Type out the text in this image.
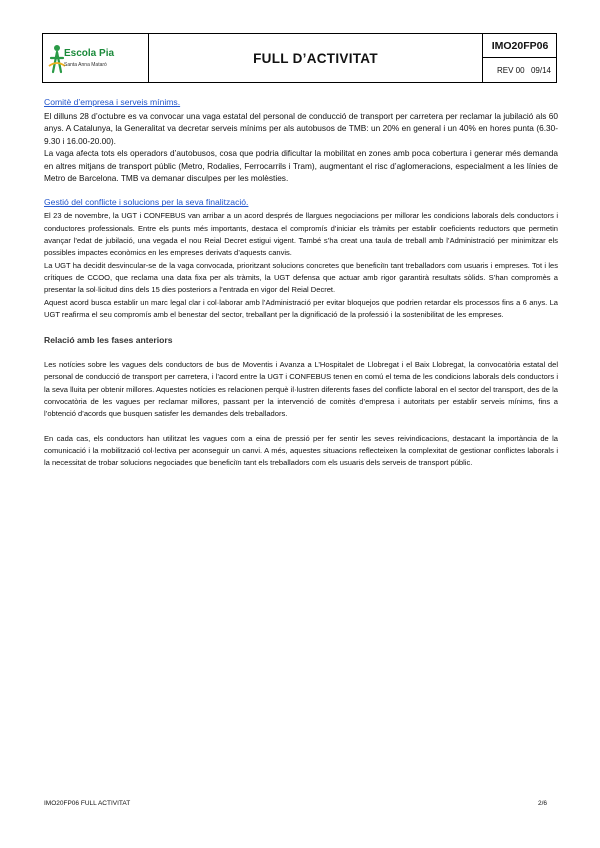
Escola Pia
Santa Anna Mataró	FULL D’ACTIVITAT
IMO20FP06
REV 00 09/14
Comitè d’empresa i serveis mínims.

El dilluns 28 d’octubre es va convocar una vaga estatal del personal de conducció de transport per carretera per reclamar la jubilació als 60 anys. A Catalunya, la Generalitat va decretar serveis mínims per als autobusos de TMB: un 20% en general i un 40% en hores punta (6.30-9.30 i 16.00-20.00).

La vaga afecta tots els operadors d’autobusos, cosa que podria dificultar la mobilitat en zones amb poca cobertura i generar més demanda en altres mitjans de transport públic (Metro, Rodalies, Ferrocarrils i Tram), augmentant el risc d’aglomeracions, especialment a les línies de Metro de Barcelona. TMB va demanar disculpes per les molèsties.

Gestió del conflicte i solucions per la seva finalització.

El 23 de novembre, la UGT i CONFEBUS van arribar a un acord després de llargues negociacions per millorar les condicions laborals dels conductors i conductores professionals. Entre els punts més importants, destaca el compromís d’iniciar els tràmits per establir coeficients reductors que permetin avançar l’edat de jubilació, una vegada el nou Reial Decret estigui vigent. També s’ha creat una taula de treball amb l’Administració per minimitzar els possibles impactes econòmics en les empreses derivats d’aquests canvis.

La UGT ha decidit desvincular-se de la vaga convocada, prioritzant solucions concretes que beneficiïn tant treballadors com usuaris i empreses. Tot i les crítiques de CCOO, que reclama una data fixa per als tràmits, la UGT defensa que actuar amb rigor garantirà resultats sòlids. S’han compromès a presentar la sol·licitud dins dels 15 dies posteriors a l’entrada en vigor del Reial Decret.

Aquest acord busca establir un marc legal clar i col·laborar amb l’Administració per evitar bloquejos que podrien retardar els processos fins a 6 anys. La UGT reafirma el seu compromís amb el benestar del sector, treballant per la dignificació de la professió i la sostenibilitat de les empreses.

Relació amb les fases anteriors

Les notícies sobre les vagues dels conductors de bus de Moventis i Avanza a L’Hospitalet de Llobregat i el Baix Llobregat, la convocatòria estatal del personal de conducció de transport per carretera, i l’acord entre la UGT i CONFEBUS tenen en comú el tema de les condicions laborals dels conductors i la seva lluita per obtenir millores. Aquestes notícies es relacionen perquè il·lustren diferents fases del conflicte laboral en el sector del transport, des de la convocatòria de les vagues per reclamar millores, passant per la intervenció de comitès d’empresa i autoritats per establir serveis mínims, fins a l’obtenció d’acords que busquen satisfer les demandes dels treballadors.

En cada cas, els conductors han utilitzat les vagues com a eina de pressió per fer sentir les seves reivindicacions, destacant la importància de la comunicació i la mobilització col·lectiva per aconseguir un canvi. A més, aquestes situacions reflecteixen la complexitat de gestionar conflictes laborals i la necessitat de trobar solucions negociades que beneficiïn tant els treballadors com els usuaris dels serveis de transport públic.

IMO20FP06 FULL ACTIVITAT	2/6
